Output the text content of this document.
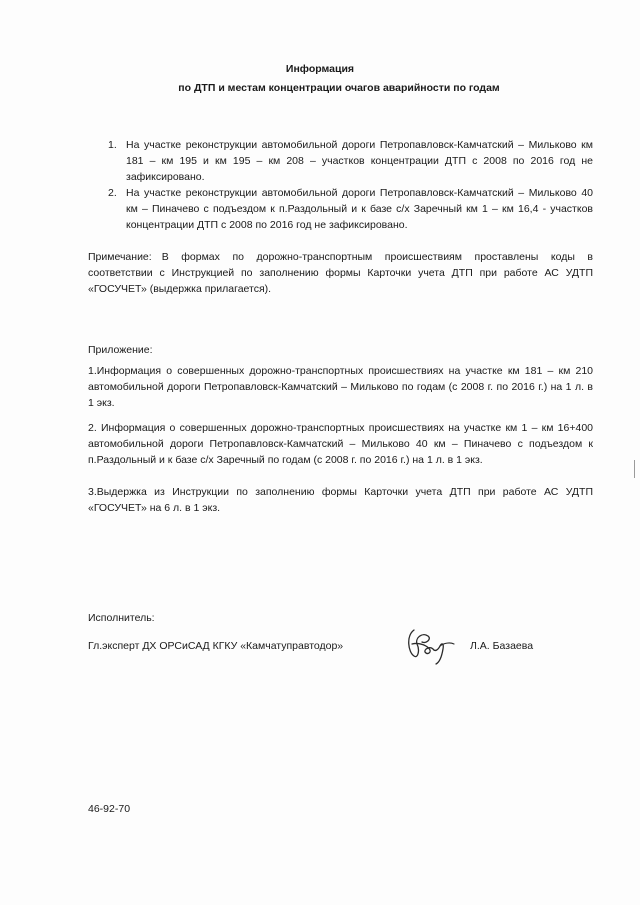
Информация
по ДТП и местам концентрации очагов аварийности по годам
1. На участке реконструкции автомобильной дороги Петропавловск-Камчатский – Мильково км 181 – км 195 и км 195 – км 208 – участков концентрации ДТП с 2008 по 2016 год не зафиксировано.
2. На участке реконструкции автомобильной дороги Петропавловск-Камчатский – Мильково 40 км – Пиначево с подъездом к п.Раздольный и к базе с/х Заречный км 1 – км 16,4 - участков концентрации ДТП с 2008 по 2016 год не зафиксировано.
Примечание: В формах по дорожно-транспортным происшествиям проставлены коды в соответствии с Инструкцией по заполнению формы Карточки учета ДТП при работе АС УДТП «ГОСУЧЕТ» (выдержка прилагается).
Приложение:
1.Информация о совершенных дорожно-транспортных происшествиях на участке км 181 – км 210 автомобильной дороги Петропавловск-Камчатский – Мильково по годам (с 2008 г. по 2016 г.) на 1 л. в 1 экз.
2. Информация о совершенных дорожно-транспортных происшествиях на участке км 1 – км 16+400 автомобильной дороги Петропавловск-Камчатский – Мильково 40 км – Пиначево с подъездом к п.Раздольный и к базе с/х Заречный по годам (с 2008 г. по 2016 г.) на 1 л. в 1 экз.
3.Выдержка из Инструкции по заполнению формы Карточки учета ДТП при работе АС УДТП «ГОСУЧЕТ» на 6 л. в 1 экз.
Исполнитель:
Гл.эксперт ДХ ОРСиСАД КГКУ «Камчатуправтодор»	Л.А. Базаева
46-92-70
